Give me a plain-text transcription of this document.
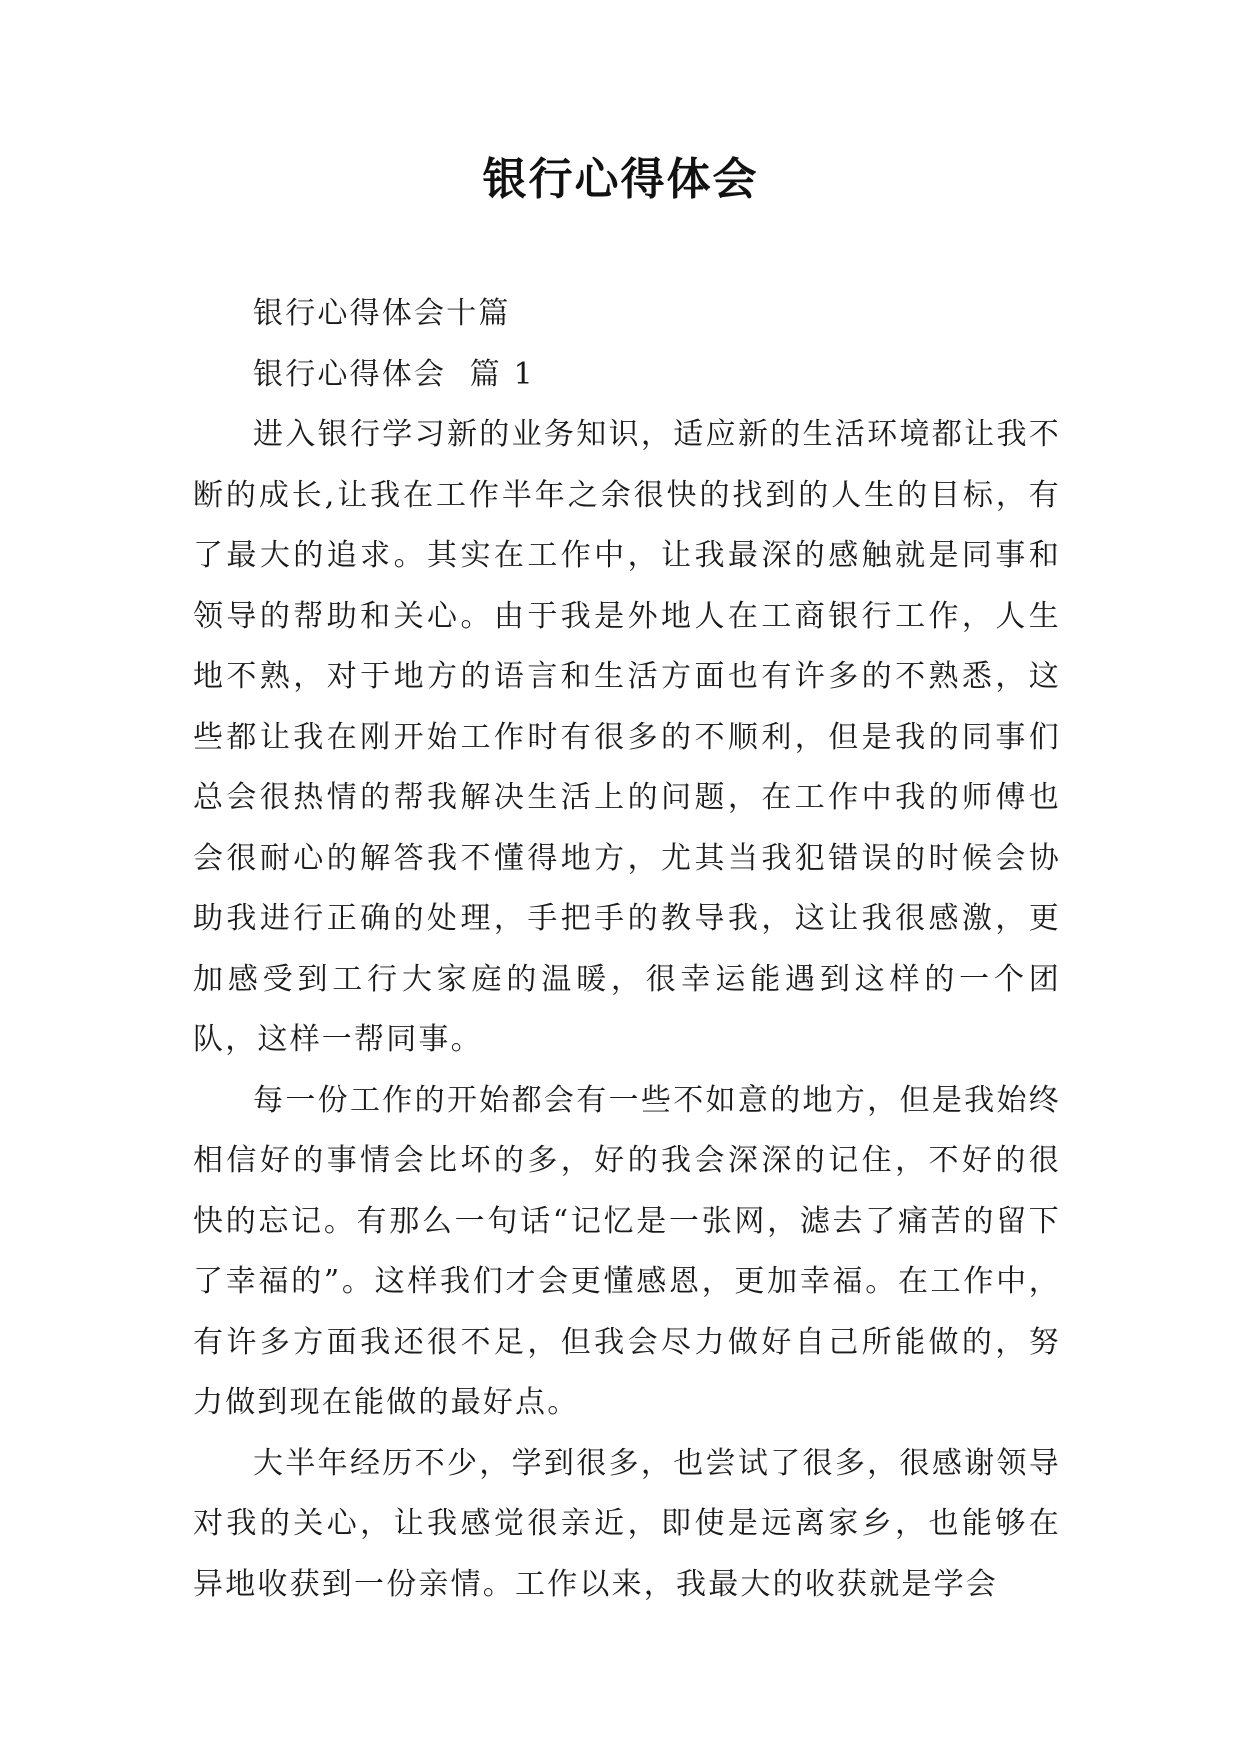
银行心得体会

银行心得体会十篇

银行心得体会  篇 1

进入银行学习新的业务知识，适应新的生活环境都让我不断的成长,让我在工作半年之余很快的找到的人生的目标，有了最大的追求。其实在工作中，让我最深的感触就是同事和领导的帮助和关心。由于我是外地人在工商银行工作，人生地不熟，对于地方的语言和生活方面也有许多的不熟悉，这些都让我在刚开始工作时有很多的不顺利，但是我的同事们总会很热情的帮我解决生活上的问题，在工作中我的师傅也会很耐心的解答我不懂得地方，尤其当我犯错误的时候会协助我进行正确的处理，手把手的教导我，这让我很感激，更加感受到工行大家庭的温暖，很幸运能遇到这样的一个团队，这样一帮同事。

每一份工作的开始都会有一些不如意的地方，但是我始终相信好的事情会比坏的多，好的我会深深的记住，不好的很快的忘记。有那么一句话“记忆是一张网，滤去了痛苦的留下了幸福的”。这样我们才会更懂感恩，更加幸福。在工作中，有许多方面我还很不足，但我会尽力做好自己所能做的，努力做到现在能做的最好点。

大半年经历不少，学到很多，也尝试了很多，很感谢领导对我的关心，让我感觉很亲近，即使是远离家乡，也能够在异地收获到一份亲情。工作以来，我最大的收获就是学会
